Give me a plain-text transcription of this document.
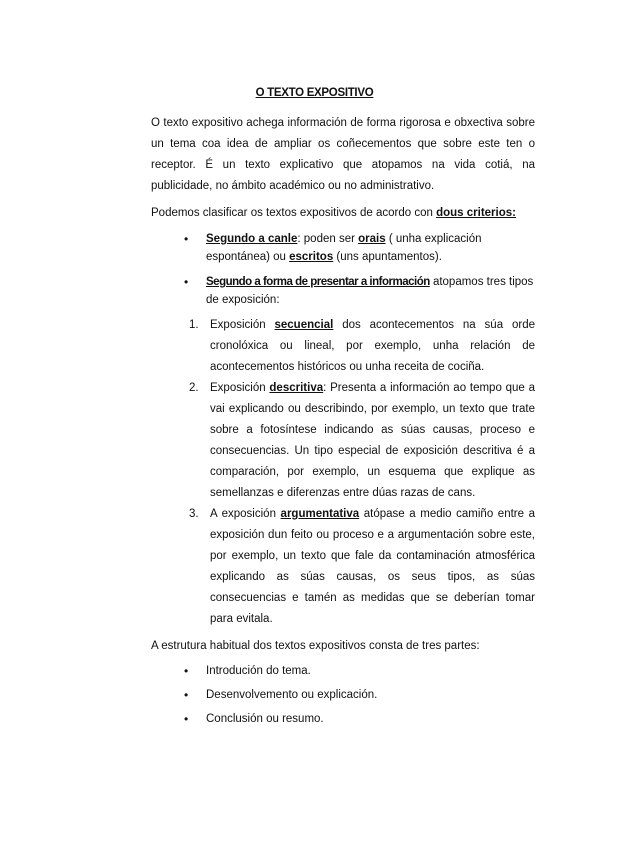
O TEXTO EXPOSITIVO

O texto expositivo achega información de forma rigorosa e obxectiva sobre un tema coa idea de ampliar os coñecementos que sobre este ten o receptor. É un texto explicativo que atopamos na vida cotiá, na publicidade, no ámbito académico ou no administrativo.

Podemos clasificar os textos expositivos de acordo con dous criterios:

• Segundo a canle: poden ser orais ( unha explicación espontánea) ou escritos (uns apuntamentos).
• Segundo a forma de presentar a información atopamos tres tipos de exposición:
1. Exposición secuencial dos acontecementos na súa orde cronolóxica ou lineal, por exemplo, unha relación de acontecementos históricos ou unha receita de cociña.
2. Exposición descritiva: Presenta a información ao tempo que a vai explicando ou describindo, por exemplo, un texto que trate sobre a fotosíntese indicando as súas causas, proceso e consecuencias. Un tipo especial de exposición descritiva é a comparación, por exemplo, un esquema que explique as semellanzas e diferenzas entre dúas razas de cans.
3. A exposición argumentativa atópase a medio camiño entre a exposición dun feito ou proceso e a argumentación sobre este, por exemplo, un texto que fale da contaminación atmosférica explicando as súas causas, os seus tipos, as súas consecuencias e tamén as medidas que se deberían tomar para evitala.

A estrutura habitual dos textos expositivos consta de tres partes:

• Introdución do tema.
• Desenvolvemento ou explicación.
• Conclusión ou resumo.
